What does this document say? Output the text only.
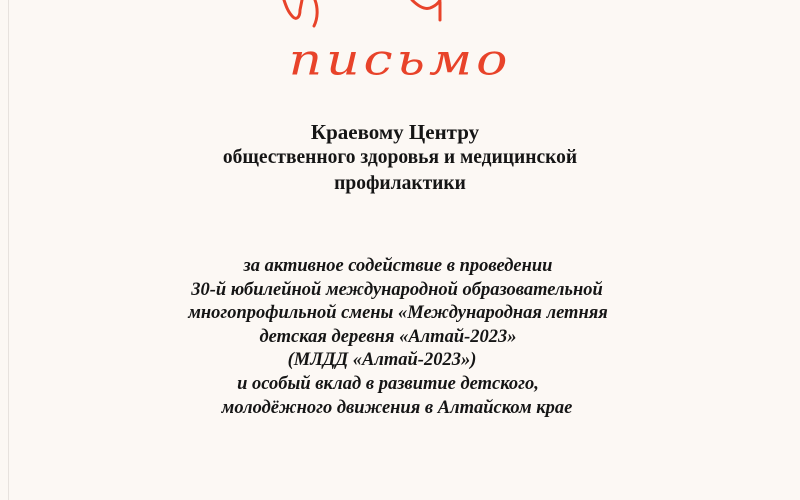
письмо
Краевому Центру
общественного здоровья и медицинской
профилактики
за активное содействие в проведении
30-й юбилейной международной образовательной
многопрофильной смены «Международная летняя
детская деревня «Алтай-2023»
(МЛДД «Алтай-2023»)
и особый вклад в развитие детского,
молодёжного движения в Алтайском крае
